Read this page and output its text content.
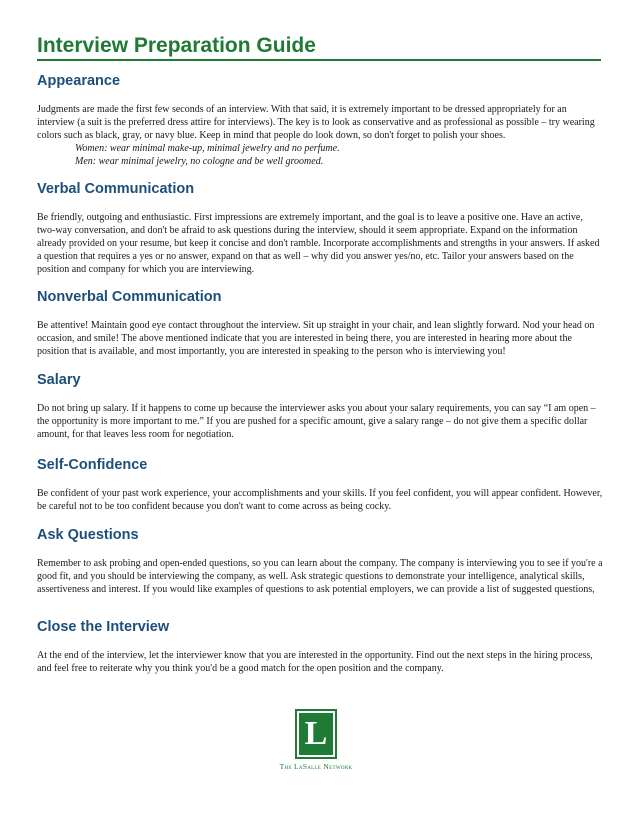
Interview Preparation Guide
Appearance

Judgments are made the first few seconds of an interview. With that said, it is extremely important to be dressed appropriately for an interview (a suit is the preferred dress attire for interviews). The key is to look as conservative and as professional as possible – try wearing colors such as black, gray, or navy blue. Keep in mind that people do look down, so don't forget to polish your shoes.

Women: wear minimal make-up, minimal jewelry and no perfume.

Men: wear minimal jewelry, no cologne and be well groomed.

Verbal Communication

Be friendly, outgoing and enthusiastic. First impressions are extremely important, and the goal is to leave a positive one. Have an active, two-way conversation, and don't be afraid to ask questions during the interview, should it seem appropriate. Expand on the information already provided on your resume, but keep it concise and don't ramble. Incorporate accomplishments and strengths in your answers. If asked a question that requires a yes or no answer, expand on that as well – why did you answer yes/no, etc. Tailor your answers based on the position and company for which you are interviewing.

Nonverbal Communication

Be attentive! Maintain good eye contact throughout the interview. Sit up straight in your chair, and lean slightly forward. Nod your head on occasion, and smile! The above mentioned indicate that you are interested in being there, you are interested in hearing more about the position that is available, and most importantly, you are interested in speaking to the person who is interviewing you!

Salary

Do not bring up salary. If it happens to come up because the interviewer asks you about your salary requirements, you can say “I am open – the opportunity is more important to me.” If you are pushed for a specific amount, give a salary range – do not give them a specific dollar amount, for that leaves less room for negotiation.

Self-Confidence

Be confident of your past work experience, your accomplishments and your skills. If you feel confident, you will appear confident. However, be careful not to be too confident because you don't want to come across as being cocky.

Ask Questions

Remember to ask probing and open-ended questions, so you can learn about the company. The company is interviewing you to see if you're a good fit, and you should be interviewing the company, as well. Ask strategic questions to demonstrate your intelligence, analytical skills, assertiveness and interest. If you would like examples of questions to ask potential employers, we can provide a list of suggested questions,

Close the Interview

At the end of the interview, let the interviewer know that you are interested in the opportunity. Find out the next steps in the hiring process, and feel free to reiterate why you think you'd be a good match for the open position and the company.

L
The LaSalle Network
